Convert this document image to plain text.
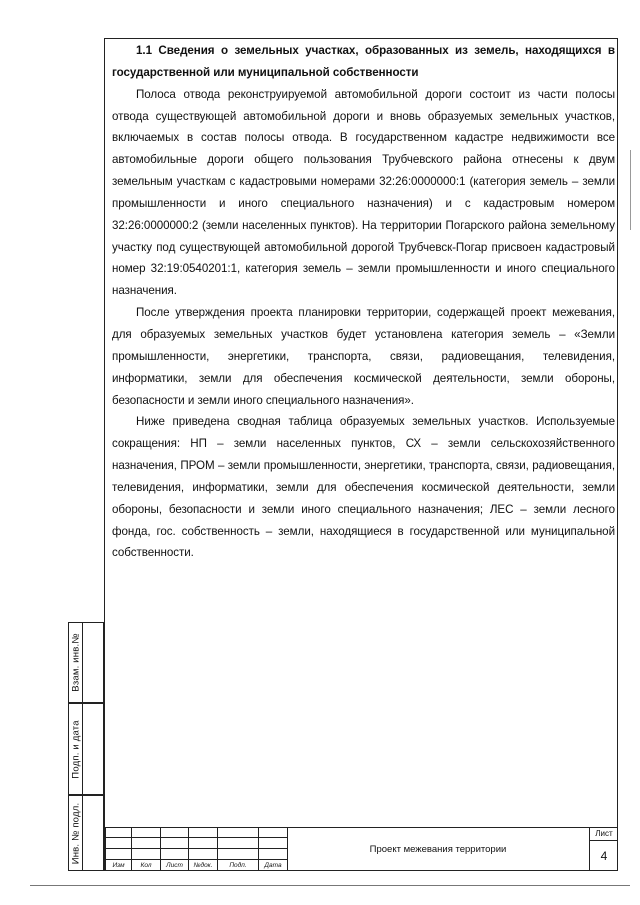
1.1 Сведения о земельных участках, образованных из земель, находящихся в государственной или муниципальной собственности

Полоса отвода реконструируемой автомобильной дороги состоит из части полосы отвода существующей автомобильной дороги и вновь образуемых земельных участков, включаемых в состав полосы отвода. В государственном кадастре недвижимости все автомобильные дороги общего пользования Трубчевского района отнесены к двум земельным участкам с кадастровыми номерами 32:26:0000000:1 (категория земель – земли промышленности и иного специального назначения) и с кадастровым номером 32:26:0000000:2 (земли населенных пунктов). На территории Погарского района земельному участку под существующей автомобильной дорогой Трубчевск-Погар присвоен кадастровый номер 32:19:0540201:1, категория земель – земли промышленности и иного специального назначения.

После утверждения проекта планировки территории, содержащей проект межевания, для образуемых земельных участков будет установлена категория земель – «Земли промышленности, энергетики, транспорта, связи, радиовещания, телевидения, информатики, земли для обеспечения космической деятельности, земли обороны, безопасности и земли иного специального назначения».

Ниже приведена сводная таблица образуемых земельных участков. Используемые сокращения: НП – земли населенных пунктов, СХ – земли сельскохозяйственного назначения, ПРОМ – земли промышленности, энергетики, транспорта, связи, радиовещания, телевидения, информатики, земли для обеспечения космической деятельности, земли обороны, безопасности и земли иного специального назначения; ЛЕС – земли лесного фонда, гос. собственность – земли, находящиеся в государственной или муниципальной собственности.

Взам. инв.№
Подп. и дата
Инв. № подл.
Изм	Кол	Лист	№док.	Подп.	Дата
Проект межевания территории
Лист
4
